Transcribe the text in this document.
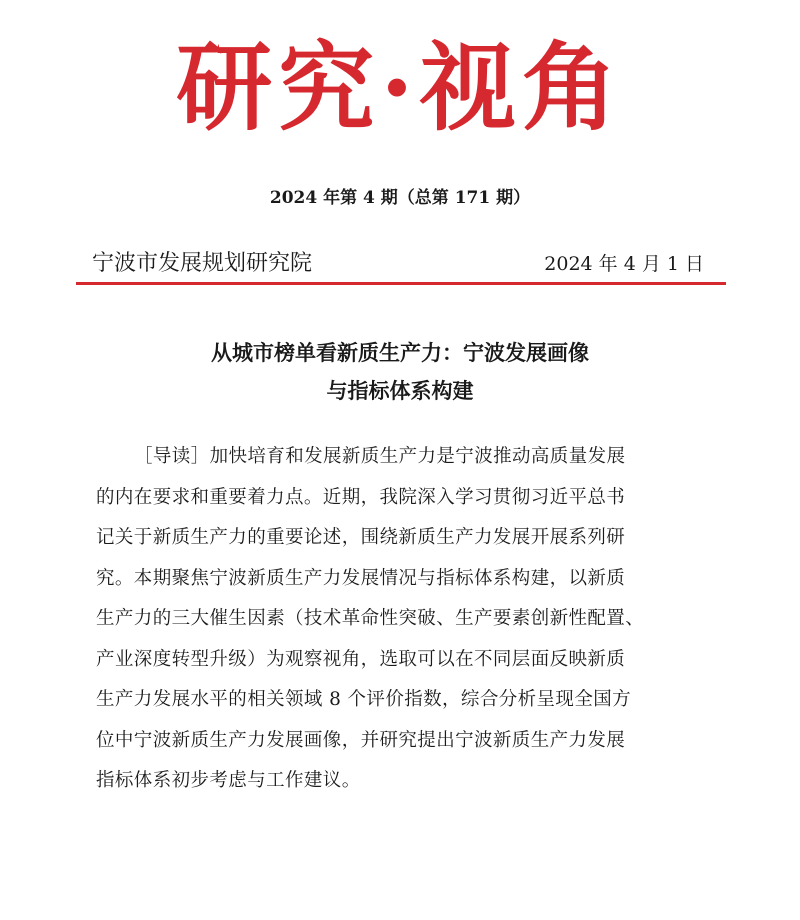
研究·视角
2024 年第 4 期（总第 171 期）
宁波市发展规划研究院	2024 年 4 月 1 日
从城市榜单看新质生产力：宁波发展画像
与指标体系构建
［导读］加快培育和发展新质生产力是宁波推动高质量发展
的内在要求和重要着力点。近期，我院深入学习贯彻习近平总书
记关于新质生产力的重要论述，围绕新质生产力发展开展系列研
究。本期聚焦宁波新质生产力发展情况与指标体系构建，以新质
生产力的三大催生因素（技术革命性突破、生产要素创新性配置、
产业深度转型升级）为观察视角，选取可以在不同层面反映新质
生产力发展水平的相关领域 8 个评价指数，综合分析呈现全国方
位中宁波新质生产力发展画像，并研究提出宁波新质生产力发展
指标体系初步考虑与工作建议。
